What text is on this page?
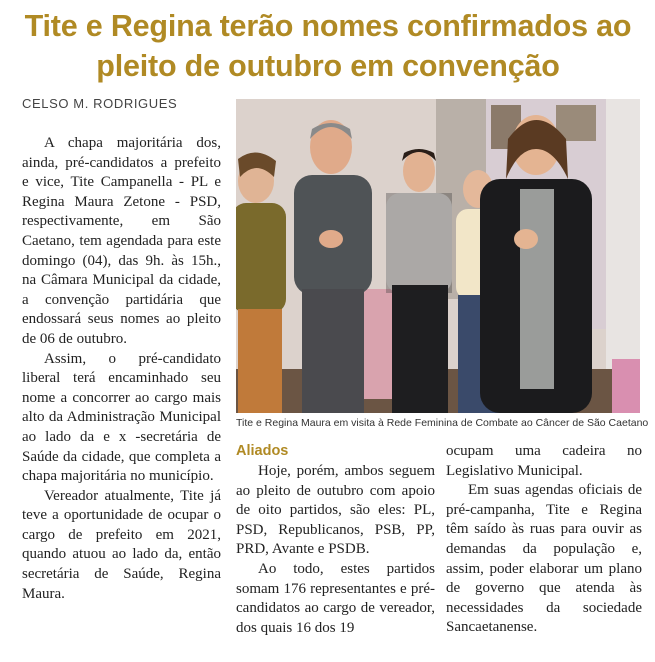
Tite e Regina terão nomes confirmados ao pleito de outubro em convenção
CELSO M. RODRIGUES

A chapa majoritária dos, ainda, pré-candidatos a prefeito e vice, Tite Campanella - PL e Regina Maura Zetone - PSD, respectivamente, em São Caetano, tem agendada para este domingo (04), das 9h. às 15h., na Câmara Municipal da cidade, a convenção partidária que endossará seus nomes ao pleito de 06 de outubro.

Assim, o pré-candidato liberal terá encaminhado seu nome a concorrer ao cargo mais alto da Administração Municipal ao lado da e x -secretária de Saúde da cidade, que completa a chapa majoritária no município.

Vereador atualmente, Tite já teve a oportunidade de ocupar o cargo de prefeito em 2021, quando atuou ao lado da, então secretária de Saúde, Regina Maura.

Tite e Regina Maura em visita à Rede Feminina de Combate ao Câncer de São Caetano

Aliados

Hoje, porém, ambos seguem ao pleito de outubro com apoio de oito partidos, são eles: PL, PSD, Republicanos, PSB, PP, PRD, Avante e PSDB.

Ao todo, estes partidos somam 176 representantes e pré-candidatos ao cargo de vereador, dos quais 16 dos 19

ocupam uma cadeira no Legislativo Municipal.

Em suas agendas oficiais de pré-campanha, Tite e Regina têm saído às ruas para ouvir as demandas da população e, assim, poder elaborar um plano de governo que atenda às necessidades da sociedade Sancaetanense.
